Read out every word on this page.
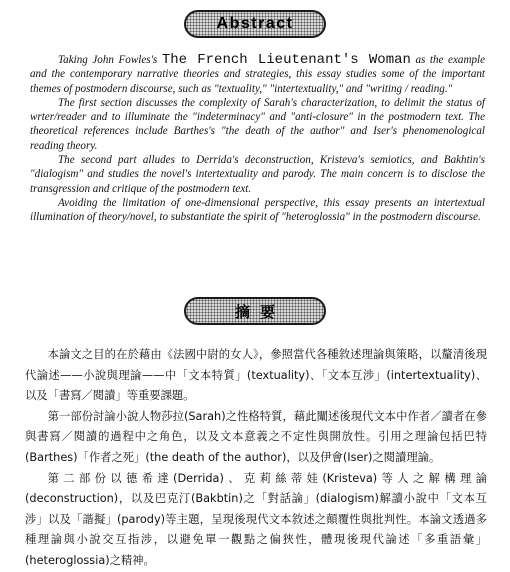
Abstract

Taking John Fowles's The French Lieutenant's Woman as the example and the contemporary narrative theories and strategies, this essay studies some of the important themes of postmodern discourse, such as "textuality," "intertextuality," and "writing / reading."

The first section discusses the complexity of Sarah's characterization, to delimit the status of wrter/reader and to illuminate the "indeterminacy" and "anti-closure" in the postmodern text. The theoretical references include Barthes's "the death of the author" and Iser's phenomenological reading theory.

The second part alludes to Derrida's deconstruction, Kristeva's semiotics, and Bakhtin's "dialogism" and studies the novel's intertextuality and parody. The main concern is to disclose the transgression and critique of the postmodern text.

Avoiding the limitation of one-dimensional perspective, this essay presents an intertextual illumination of theory/novel, to substantiate the spirit of "heteroglossia" in the postmodern discourse.

摘要

本論文之目的在於藉由《法國中尉的女人》，參照當代各種敘述理論與策略，以釐清後現代論述——小說與理論——中「文本特質」(textuality)、「文本互涉」(intertextuality)、以及「書寫／閱讀」等重要課題。

第一部份討論小說人物莎拉(Sarah)之性格特質，藉此闡述後現代文本中作者／讀者在參與書寫／閱讀的過程中之角色，以及文本意義之不定性與開放性。引用之理論包括巴特(Barthes)「作者之死」(the death of the author)，以及伊會(Iser)之閱讀理論。

第二部份以德希達(Derrida)、克莉絲蒂娃(Kristeva)等人之解構理論(deconstruction)，以及巴克汀(Bakbtin)之「對話論」(dialogism)解讀小說中「文本互涉」以及「諧擬」(parody)等主題，呈現後現代文本敘述之顛覆性與批判性。本論文透過多種理論與小說交互指涉，以避免單一觀點之偏狹性，體現後現代論述「多重語彙」(heteroglossia)之精神。
